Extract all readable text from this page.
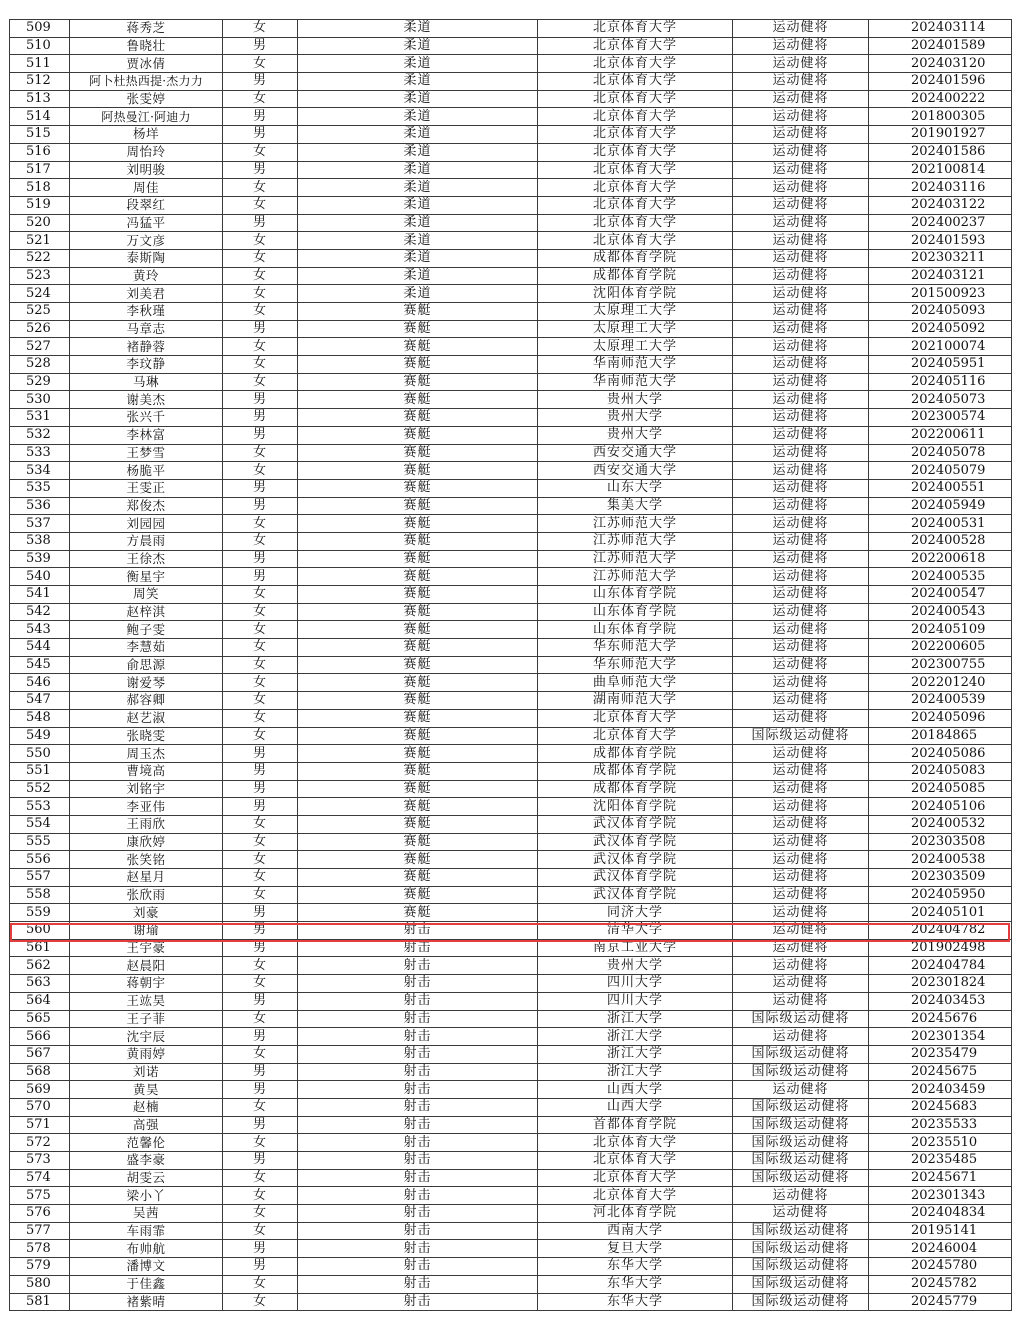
509	蒋秀芝	女	柔道	北京体育大学	运动健将	202403114
510	鲁晓壮	男	柔道	北京体育大学	运动健将	202401589
511	贾冰倩	女	柔道	北京体育大学	运动健将	202403120
512	阿卜杜热西提·杰力力	男	柔道	北京体育大学	运动健将	202401596
513	张雯婷	女	柔道	北京体育大学	运动健将	202400222
514	阿热曼江·阿迪力	男	柔道	北京体育大学	运动健将	201800305
515	杨垟	男	柔道	北京体育大学	运动健将	201901927
516	周怡玲	女	柔道	北京体育大学	运动健将	202401586
517	刘明骏	男	柔道	北京体育大学	运动健将	202100814
518	周佳	女	柔道	北京体育大学	运动健将	202403116
519	段翠红	女	柔道	北京体育大学	运动健将	202403122
520	冯猛平	男	柔道	北京体育大学	运动健将	202400237
521	万文彦	女	柔道	北京体育大学	运动健将	202401593
522	泰斯陶	女	柔道	成都体育学院	运动健将	202303211
523	黄玲	女	柔道	成都体育学院	运动健将	202403121
524	刘美君	女	柔道	沈阳体育学院	运动健将	201500923
525	李秋瑾	女	赛艇	太原理工大学	运动健将	202405093
526	马章志	男	赛艇	太原理工大学	运动健将	202405092
527	褚静蓉	女	赛艇	太原理工大学	运动健将	202100074
528	李玟静	女	赛艇	华南师范大学	运动健将	202405951
529	马琳	女	赛艇	华南师范大学	运动健将	202405116
530	谢美杰	男	赛艇	贵州大学	运动健将	202405073
531	张兴千	男	赛艇	贵州大学	运动健将	202300574
532	李林富	男	赛艇	贵州大学	运动健将	202200611
533	王梦雪	女	赛艇	西安交通大学	运动健将	202405078
534	杨脆平	女	赛艇	西安交通大学	运动健将	202405079
535	王雯正	男	赛艇	山东大学	运动健将	202400551
536	郑俊杰	男	赛艇	集美大学	运动健将	202405949
537	刘园园	女	赛艇	江苏师范大学	运动健将	202400531
538	方晨雨	女	赛艇	江苏师范大学	运动健将	202400528
539	王徐杰	男	赛艇	江苏师范大学	运动健将	202200618
540	衡星宇	男	赛艇	江苏师范大学	运动健将	202400535
541	周笑	女	赛艇	山东体育学院	运动健将	202400547
542	赵梓淇	女	赛艇	山东体育学院	运动健将	202400543
543	鲍子雯	女	赛艇	山东体育学院	运动健将	202405109
544	李慧茹	女	赛艇	华东师范大学	运动健将	202200605
545	俞思源	女	赛艇	华东师范大学	运动健将	202300755
546	谢爱琴	女	赛艇	曲阜师范大学	运动健将	202201240
547	郝容卿	女	赛艇	湖南师范大学	运动健将	202400539
548	赵艺淑	女	赛艇	北京体育大学	运动健将	202405096
549	张晓雯	女	赛艇	北京体育大学	国际级运动健将	20184865
550	周玉杰	男	赛艇	成都体育学院	运动健将	202405086
551	曹境高	男	赛艇	成都体育学院	运动健将	202405083
552	刘铭宇	男	赛艇	成都体育学院	运动健将	202405085
553	李亚伟	男	赛艇	沈阳体育学院	运动健将	202405106
554	王雨欣	女	赛艇	武汉体育学院	运动健将	202400532
555	康欣婷	女	赛艇	武汉体育学院	运动健将	202303508
556	张笑铭	女	赛艇	武汉体育学院	运动健将	202400538
557	赵星月	女	赛艇	武汉体育学院	运动健将	202303509
558	张欣雨	女	赛艇	武汉体育学院	运动健将	202405950
559	刘豪	男	赛艇	同济大学	运动健将	202405101
560	谢瑜	男	射击	清华大学	运动健将	202404782
561	王宇豪	男	射击	南京工业大学	运动健将	201902498
562	赵晨阳	女	射击	贵州大学	运动健将	202404784
563	蒋朝宇	女	射击	四川大学	运动健将	202301824
564	王竑昊	男	射击	四川大学	运动健将	202403453
565	王子菲	女	射击	浙江大学	国际级运动健将	20245676
566	沈宇辰	男	射击	浙江大学	运动健将	202301354
567	黄雨婷	女	射击	浙江大学	国际级运动健将	20235479
568	刘诺	男	射击	浙江大学	国际级运动健将	20245675
569	黄昊	男	射击	山西大学	运动健将	202403459
570	赵楠	女	射击	山西大学	国际级运动健将	20245683
571	高强	男	射击	首都体育学院	国际级运动健将	20235533
572	范馨伦	女	射击	北京体育大学	国际级运动健将	20235510
573	盛李豪	男	射击	北京体育大学	国际级运动健将	20235485
574	胡雯云	女	射击	北京体育大学	国际级运动健将	20245671
575	梁小丫	女	射击	北京体育大学	运动健将	202301343
576	吴茜	女	射击	河北体育学院	运动健将	202404834
577	车雨霏	女	射击	西南大学	国际级运动健将	20195141
578	布帅航	男	射击	复旦大学	国际级运动健将	20246004
579	潘博文	男	射击	东华大学	国际级运动健将	20245780
580	于佳鑫	女	射击	东华大学	国际级运动健将	20245782
581	褚紫晴	女	射击	东华大学	国际级运动健将	20245779
